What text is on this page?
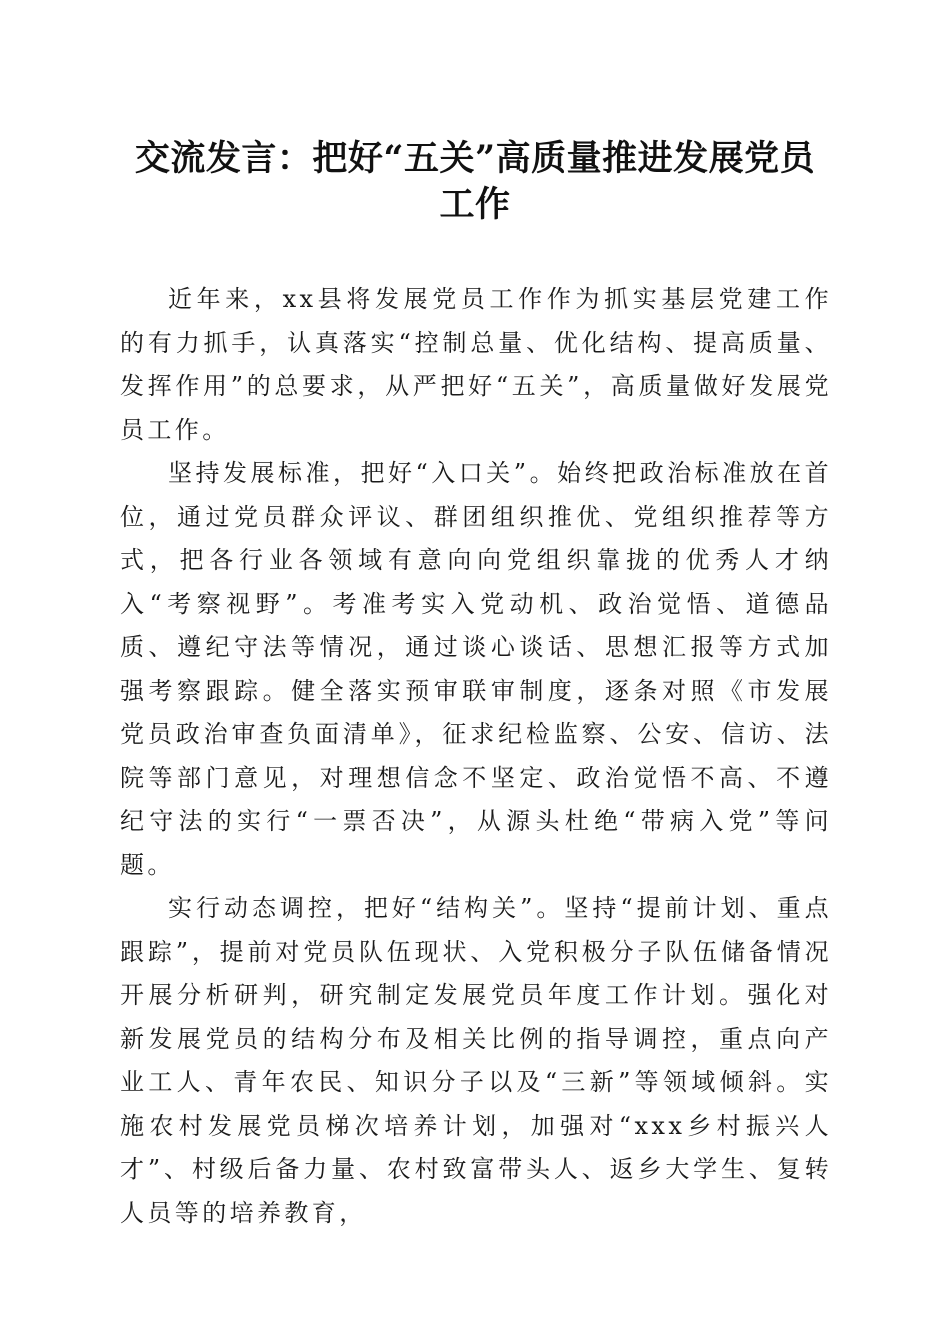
交流发言：把好“五关”高质量推进发展党员
工作

近年来，xx县将发展党员工作作为抓实基层党建工作的有力抓手，认真落实“控制总量、优化结构、提高质量、发挥作用”的总要求，从严把好“五关”，高质量做好发展党员工作。

坚持发展标准，把好“入口关”。始终把政治标准放在首位，通过党员群众评议、群团组织推优、党组织推荐等方式，把各行业各领域有意向向党组织靠拢的优秀人才纳入“考察视野”。考准考实入党动机、政治觉悟、道德品质、遵纪守法等情况，通过谈心谈话、思想汇报等方式加强考察跟踪。健全落实预审联审制度，逐条对照《市发展党员政治审查负面清单》，征求纪检监察、公安、信访、法院等部门意见，对理想信念不坚定、政治觉悟不高、不遵纪守法的实行“一票否决”，从源头杜绝“带病入党”等问题。

实行动态调控，把好“结构关”。坚持“提前计划、重点跟踪”，提前对党员队伍现状、入党积极分子队伍储备情况开展分析研判，研究制定发展党员年度工作计划。强化对新发展党员的结构分布及相关比例的指导调控，重点向产业工人、青年农民、知识分子以及“三新”等领域倾斜。实施农村发展党员梯次培养计划，加强对“xxx乡村振兴人才”、村级后备力量、农村致富带头人、返乡大学生、复转人员等的培养教育，
